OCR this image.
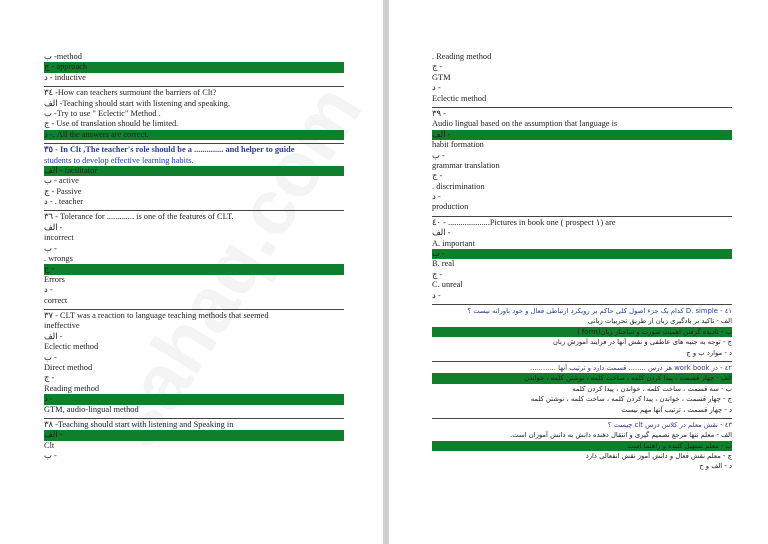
ب -method
ج - approach
د - inductive
٣٤ -How can teachers surmount the barriers of Clt?
الف -Teaching should start with listening and speaking.
ب -Try to use " Eclectic" Method .
ج - Use of translation should be limited.
د -. All the answers are correct.
٣٥ - In Clt ,The teacher's role should be a .............. and helper to guide
students to develop effective learning habits.
الف - facilitator
ب - active
ج - Passive
د - . teacher
٣٦ - Tolerance for ............. is one of the features of CLT.
الف -
incorrect
ب -
. wrongs
ج -
Errors
د -
correct
٣٧ - CLT was a reaction to language teaching methods that seemed
ineffective
الف -
Eclectic method
ب -
Direct method
ج -
Reading method
د -
GTM, audio-lingual method
٣٨ -Teaching should start with listening and Speaking in
الف -
Clt
ب -
. Reading method
ج -
GTM
د -
Eclectic method
٣٩ -
Audio lingual based on the assumption that language is
الف -
habit formation
ب -
grammar translation
ج -
. discrimination
د -
production
٤٠ - ....................Pictures in book one ( prospect ١) are
الف -
A. important
ب -
B. real
ج -
C. unreal
د -
٤١ - D. simple کدام یک جزء اصول کلی حاکم بر رویکرد ارتباطی فعال و خود باورانه نیست ؟
الف - تاکید بر یادگیری زبان از طریق تجربیات زبانی
ب - نادیده گرفتن اهمیت صورت و ساختار زبان(form )
ج - توجه به جنبه های عاطفی و نقش آنها در فرایند آموزش زبان
د - موارد ب و ج
٤٢ - در work book هر درس ........ قسمت دارد و ترتیب آنها ............
الف - چهار قسمت ، پیدا کردن کلمه ، ساخت کلمه ، نوشتن کلمه ، خواندن
ب - سه قسمت ، ساخت کلمه ، خواندن ، پیدا کردن کلمه
ج - چهار قسمت ، خواندن ، پیدا کردن کلمه ، ساخت کلمه ، نوشتن کلمه
د - چهار قسمت ، ترتیب آنها مهم نیست
٤٣ - نقش معلم در کلاس درس clt چیست ؟
الف - معلم تنها مرجع تصمیم گیری و انتقال دهنده دانش به دانش آموزان است.
ب - معلم تسهیل کننده و راهنما است
ج - معلم نقش فعال و دانش آموز نقش انفعالی دارد
د - الف و ج
